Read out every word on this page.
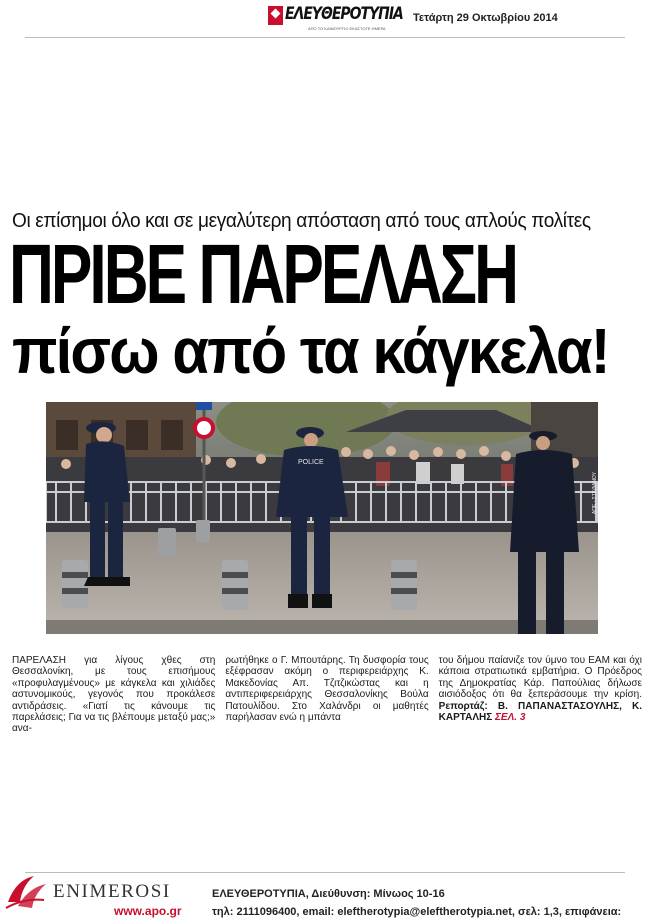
ΕΛΕΥΘΕΡΟΤΥΠΙΑ
ΑΠΟ ΤΟ ΚΑΙΝΟΥΡΓΙΟ ΕΚΑΣΤΟΤΕ ΗΜΕΡΑ
Τετάρτη 29 Οκτωβρίου 2014
Οι επίσημοι όλο και σε μεγαλύτερη απόσταση από τους απλούς πολίτες
ΠΡΙΒΕ ΠΑΡΕΛΑΣΗ
πίσω από τα κάγκελα!
POLICE
ΑΠΕ - ΣΤΕΦΑΝΟΥ

ΠΑΡΕΛΑΣΗ για λίγους χθες στη Θεσσαλονίκη, με τους επισήμους «προφυλαγμένους» με κάγκελα και χιλιάδες αστυνομικούς, γεγονός που προκάλεσε αντιδράσεις. «Γιατί τις κάνουμε τις παρελάσεις; Για να τις βλέπουμε μεταξύ μας;» ανα-

ρωτήθηκε ο Γ. Μπουτάρης. Τη δυσφορία τους εξέφρασαν ακόμη ο περιφερειάρχης Κ. Μακεδονίας Απ. Τζιτζικώστας και η αντιπεριφερειάρχης Θεσσαλονίκης Βούλα Πατουλίδου. Στο Χαλάνδρι οι μαθητές παρήλασαν ενώ η μπάντα

του δήμου παίανιζε τον ύμνο του ΕΑΜ και όχι κάποια στρατιωτικά εμβατήρια. Ο Πρόεδρος της Δημοκρατίας Κάρ. Παπούλιας δήλωσε αισιόδοξος ότι θα ξεπεράσουμε την κρίση. Ρεπορτάζ: Β. ΠΑΠΑΝΑΣΤΑΣΟΥΛΗΣ, Κ. ΚΑΡΤΑΛΗΣ ΣΕΛ. 3

ENIMEROSI
www.apo.gr
ΕΛΕΥΘΕΡΟΤΥΠΙΑ, Διεύθυνση: Μίνωος 10-16
τηλ: 2111096400, email: eleftherotypia@eleftherotypia.net, σελ: 1,3, επιφάνεια:
